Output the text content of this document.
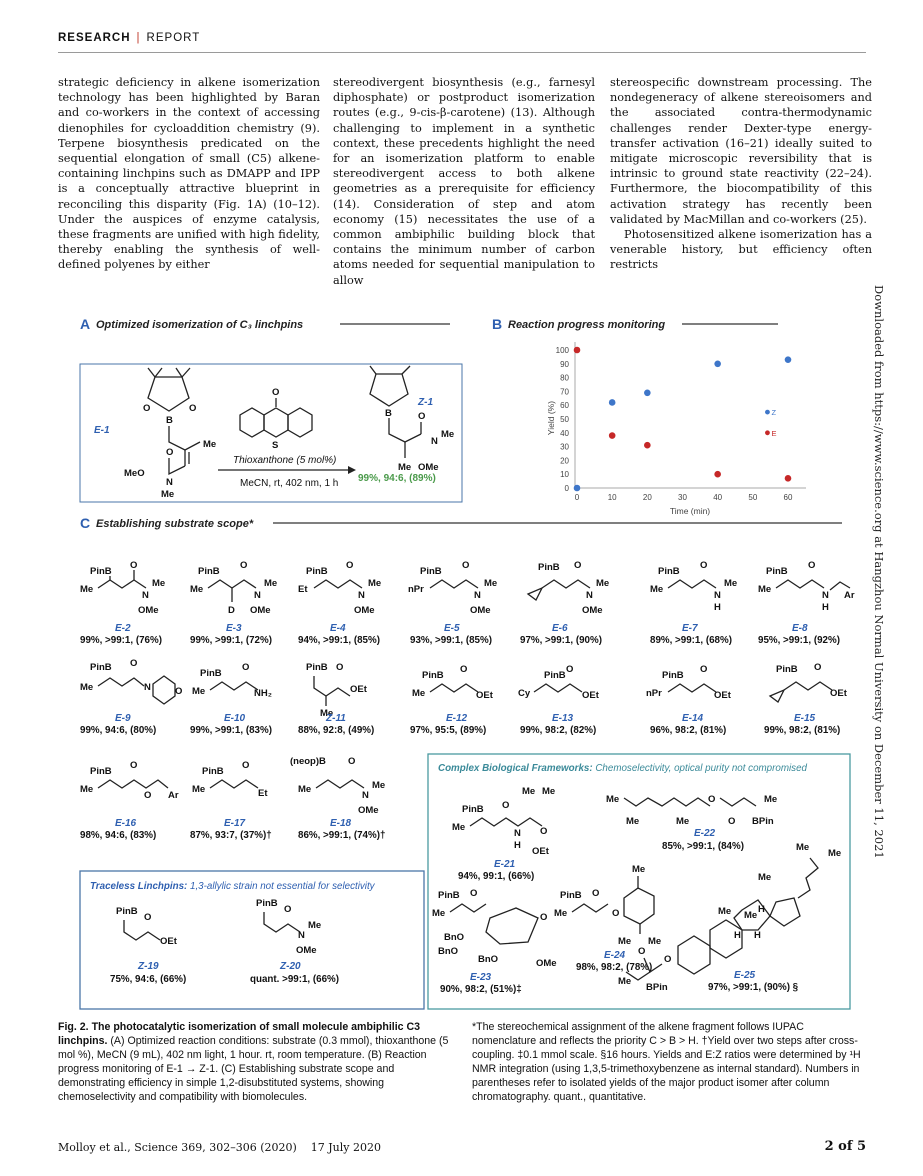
RESEARCH | REPORT

strategic deficiency in alkene isomerization technology has been highlighted by Baran and co-workers in the context of accessing dienophiles for cycloaddition chemistry (9). Terpene biosynthesis predicated on the sequential elongation of small (C5) alkene-containing linchpins such as DMAPP and IPP is a conceptually attractive blueprint in reconciling this disparity (Fig. 1A) (10–12). Under the auspices of enzyme catalysis, these fragments are unified with high fidelity, thereby enabling the synthesis of well-defined polyenes by either

stereodivergent biosynthesis (e.g., farnesyl diphosphate) or postproduct isomerization routes (e.g., 9-cis-β-carotene) (13). Although challenging to implement in a synthetic context, these precedents highlight the need for an isomerization platform to enable stereodivergent access to both alkene geometries as a prerequisite for efficiency (14). Consideration of step and atom economy (15) necessitates the use of a common ambiphilic building block that contains the minimum number of carbon atoms needed for sequential manipulation to allow

stereospecific downstream processing. The nondegeneracy of alkene stereoisomers and the associated contra-thermodynamic challenges render Dexter-type energy-transfer activation (16–21) ideally suited to mitigate microscopic reversibility that is intrinsic to ground state reactivity (22–24). Furthermore, the biocompatibility of this activation strategy has recently been validated by MacMillan and co-workers (25).

Photosensitized alkene isomerization has a venerable history, but efficiency often restricts

Downloaded from https://www.science.org at Hangzhou Normal University on December 11, 2021
A Optimized isomerization of C₃ linchpins
B
O	O
Me
N
MeO
Me
O
E-1
O
S
Thioxanthone (5 mol%)
MeCN, rt, 402 nm, 1 h
B
Me
O
N
Me
OMe
Z-1
99%, 94:6, (89%)
B Reaction progress monitoring
Yield (%)
Time (min)
Z
E
0
10
20
30
40
50
60
70
80
90
100
0	10	20	30	40	50	60
C Establishing substrate scope*
PinB
Me
O
N
Me
OMe
E-2
99%, >99:1, (76%)
PinB
Me
D
O
N
Me
OMe
E-3
99%, >99:1, (72%)
PinB
Et
O
N
Me
OMe
E-4
94%, >99:1, (85%)
PinB
nPr
O
N
Me
OMe
E-5
93%, >99:1, (85%)
PinB O
N
Me
OMe
E-6
97%, >99:1, (90%)
PinB
Me
O
N
Me
H
E-7
89%, >99:1, (68%)
PinB
Me
O
N Ar
H
E-8
95%, >99:1, (92%)
PinB
Me
O
N	O
E-9
99%, 94:6, (80%)
PinB
Me
O
NH₂
E-10
99%, >99:1, (83%)
PinB
Me
O
OEt
Z-11
88%, 92:8, (49%)
PinB
Me
O
OEt
E-12
97%, 95:5, (89%)
PinB
Cy
O
OEt
E-13
99%, 98:2, (82%)
PinB
nPr
O
OEt
E-14
96%, 98:2, (81%)
PinB O
OEt
E-15
99%, 98:2, (81%)
PinB
Me
O
O Ar
E-16
98%, 94:6, (83%)
PinB
Me
O
Et
E-17
87%, 93:7, (37%)†
(neop)B
Me
O
N
Me
OMe
E-18
86%, >99:1, (74%)†
Traceless Linchpins: 1,3-allylic strain not essential for selectivity
PinB
O
OEt
Z-19
75%, 94:6, (66%)
PinB
O
N
Me
OMe
Z-20
quant. >99:1, (66%)
Complex Biological Frameworks: Chemoselectivity, optical purity not compromised
PinB
Me
O
N
H
Me Me
O
OEt
E-21
94%, 99:1, (66%)
Me
Me	Me
O
O
Me
BPin
E-22
85%, >99:1, (84%)
PinB
Me
O
BnO
BnO
BnO
O
OMe
E-23
90%, 98:2, (51%)‡
PinB
Me
O
O
Me
Me Me
E-24
98%, 98:2, (78%)
Me
Me
Me
Me
H
Me
H H
O
O
Me
BPin
E-25
97%, >99:1, (90%) §
Fig. 2. The photocatalytic isomerization of small molecule ambiphilic C3 linchpins. (A) Optimized reaction conditions: substrate (0.3 mmol), thioxanthone (5 mol %), MeCN (9 mL), 402 nm light, 1 hour. rt, room temperature. (B) Reaction progress monitoring of E-1 → Z-1. (C) Establishing substrate scope and demonstrating efficiency in simple 1,2-disubstituted systems, showing chemoselectivity and compatibility with biomolecules.
*The stereochemical assignment of the alkene fragment follows IUPAC nomenclature and reflects the priority C > B > H. †Yield over two steps after cross-coupling. ‡0.1 mmol scale. §16 hours. Yields and E:Z ratios were determined by ¹H NMR integration (using 1,3,5-trimethoxybenzene as internal standard). Numbers in parentheses refer to isolated yields of the major product isomer after column chromatography. quant., quantitative.
Molloy et al., Science 369, 302–306 (2020) 17 July 2020	2 of 5
